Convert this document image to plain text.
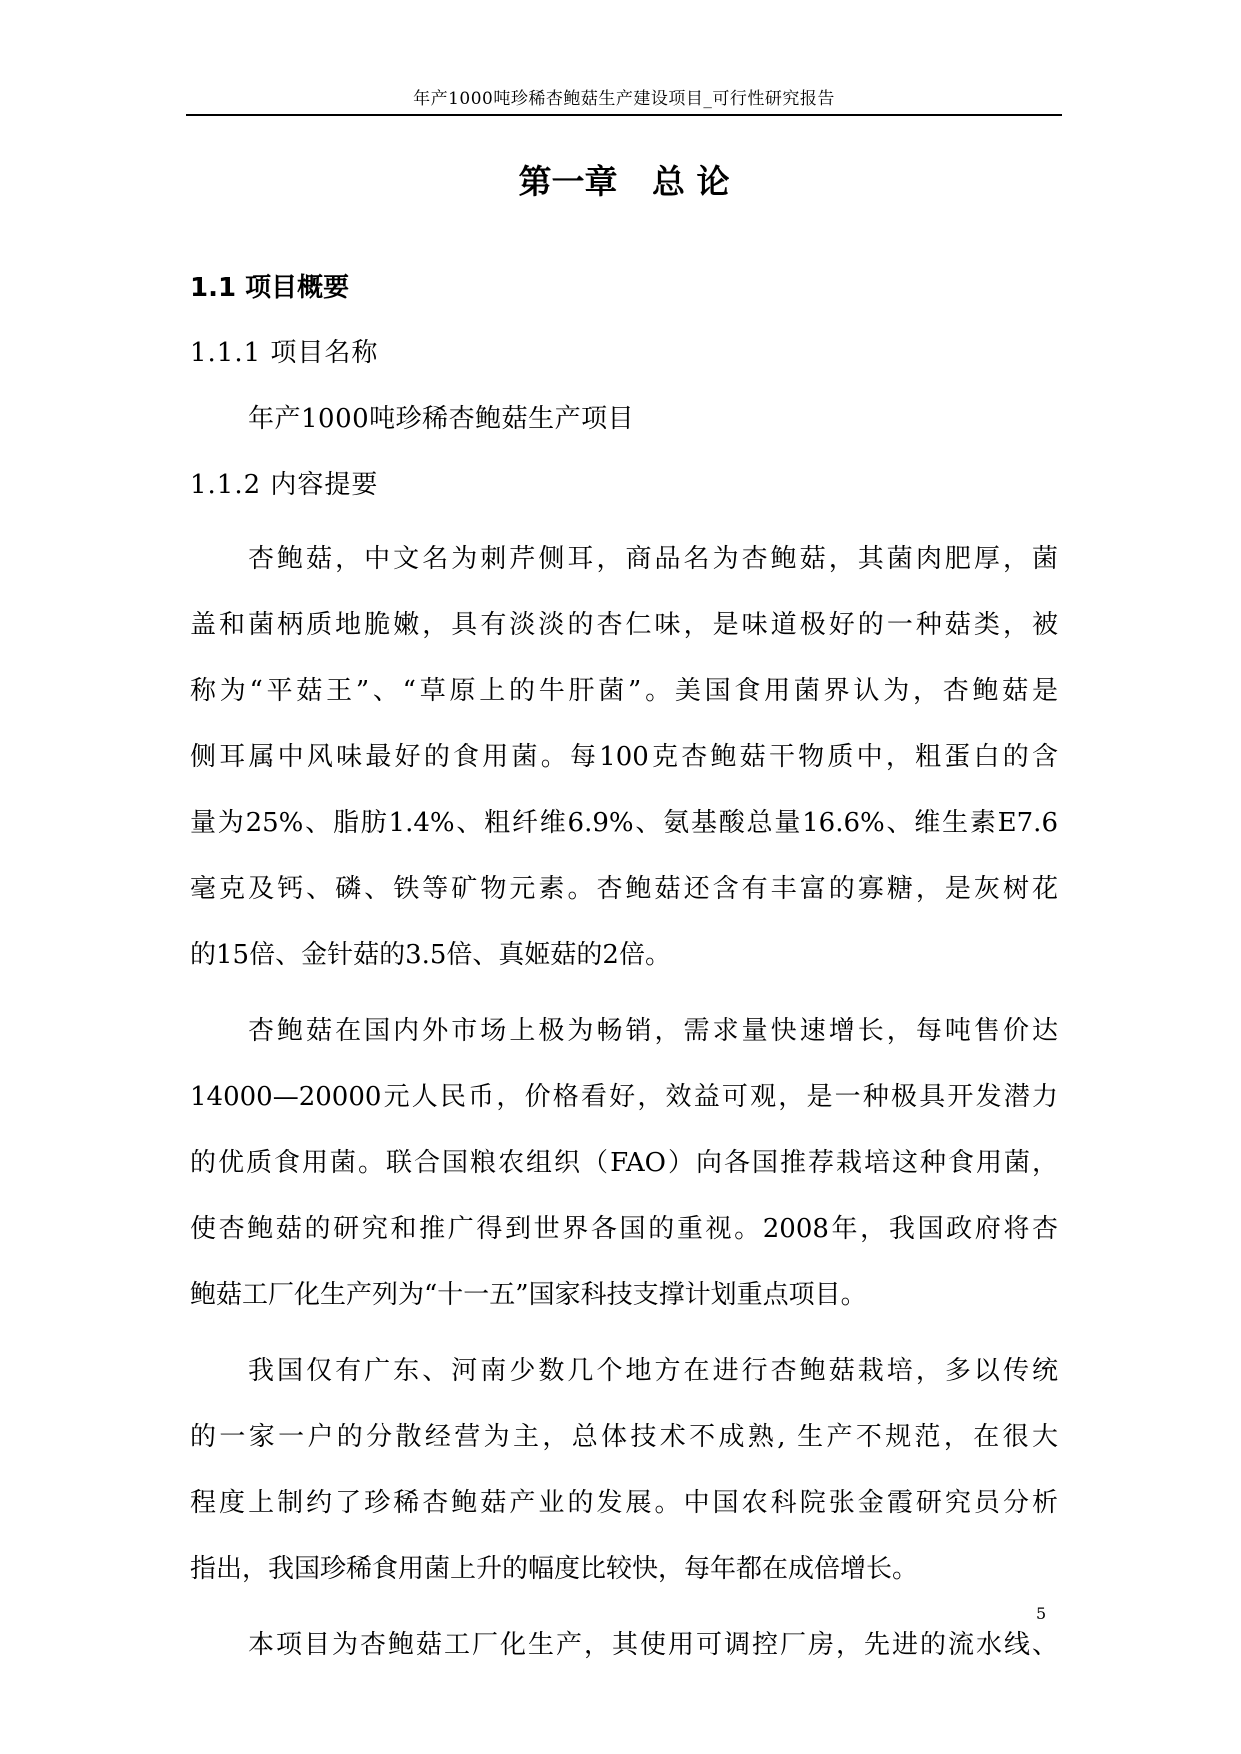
年产1000吨珍稀杏鲍菇生产建设项目_可行性研究报告
第一章   总 论
1.1 项目概要
1.1.1 项目名称
年产1000吨珍稀杏鲍菇生产项目
1.1.2 内容提要
杏鲍菇，中文名为刺芹侧耳，商品名为杏鲍菇，其菌肉肥厚，菌
盖和菌柄质地脆嫩，具有淡淡的杏仁味，是味道极好的一种菇类，被
称为“平菇王”、“草原上的牛肝菌”。美国食用菌界认为，杏鲍菇是
侧耳属中风味最好的食用菌。每100克杏鲍菇干物质中，粗蛋白的含
量为25%、脂肪1.4%、粗纤维6.9%、氨基酸总量16.6%、维生素E7.6
毫克及钙、磷、铁等矿物元素。杏鲍菇还含有丰富的寡糖，是灰树花
的15倍、金针菇的3.5倍、真姬菇的2倍。
杏鲍菇在国内外市场上极为畅销，需求量快速增长，每吨售价达
14000—20000元人民币，价格看好，效益可观，是一种极具开发潜力
的优质食用菌。联合国粮农组织（FAO）向各国推荐栽培这种食用菌，
使杏鲍菇的研究和推广得到世界各国的重视。2008年，我国政府将杏
鲍菇工厂化生产列为“十一五”国家科技支撑计划重点项目。
我国仅有广东、河南少数几个地方在进行杏鲍菇栽培，多以传统
的一家一户的分散经营为主，总体技术不成熟, 生产不规范，在很大
程度上制约了珍稀杏鲍菇产业的发展。中国农科院张金霞研究员分析
指出，我国珍稀食用菌上升的幅度比较快，每年都在成倍增长。
本项目为杏鲍菇工厂化生产，其使用可调控厂房，先进的流水线、
5
